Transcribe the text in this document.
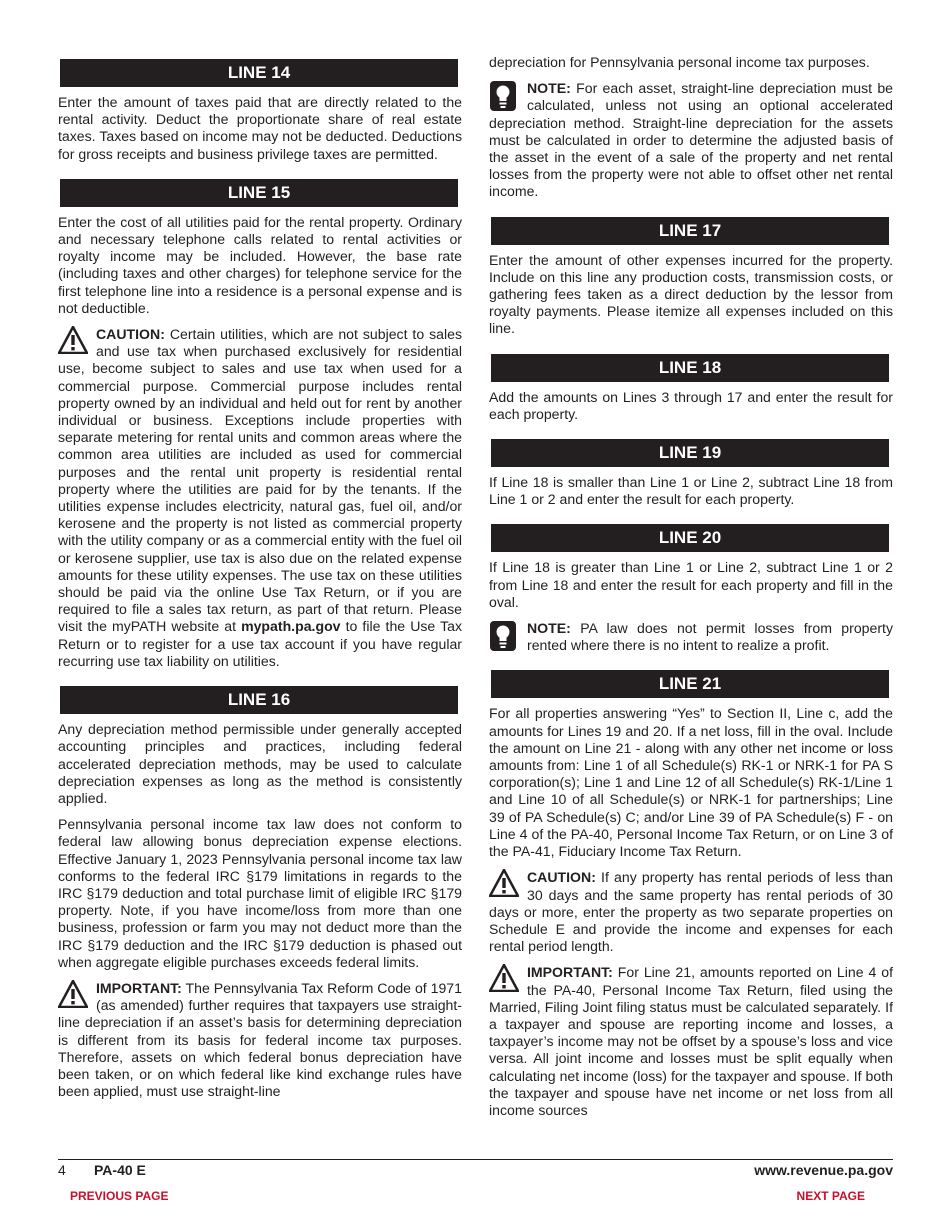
LINE 14

Enter the amount of taxes paid that are directly related to the rental activity. Deduct the proportionate share of real estate taxes. Taxes based on income may not be deducted. Deductions for gross receipts and business privilege taxes are permitted.

LINE 15

Enter the cost of all utilities paid for the rental property. Ordinary and necessary telephone calls related to rental activities or royalty income may be included. However, the base rate (including taxes and other charges) for telephone service for the first telephone line into a residence is a personal expense and is not deductible.

CAUTION: Certain utilities, which are not subject to sales and use tax when purchased exclusively for residential use, become subject to sales and use tax when used for a commercial purpose. Commercial purpose includes rental property owned by an individual and held out for rent by another individual or business. Exceptions include properties with separate metering for rental units and common areas where the common area utilities are included as used for commercial purposes and the rental unit property is residential rental property where the utilities are paid for by the tenants. If the utilities expense includes electricity, natural gas, fuel oil, and/or kerosene and the property is not listed as commercial property with the utility company or as a commercial entity with the fuel oil or kerosene supplier, use tax is also due on the related expense amounts for these utility expenses. The use tax on these utilities should be paid via the online Use Tax Return, or if you are required to file a sales tax return, as part of that return. Please visit the myPATH website at mypath.pa.gov to file the Use Tax Return or to register for a use tax account if you have regular recurring use tax liability on utilities.

LINE 16

Any depreciation method permissible under generally accepted accounting principles and practices, including federal accelerated depreciation methods, may be used to calculate depreciation expenses as long as the method is consistently applied.

Pennsylvania personal income tax law does not conform to federal law allowing bonus depreciation expense elections. Effective January 1, 2023 Pennsylvania personal income tax law conforms to the federal IRC §179 limitations in regards to the IRC §179 deduction and total purchase limit of eligible IRC §179 property. Note, if you have income/loss from more than one business, profession or farm you may not deduct more than the IRC §179 deduction and the IRC §179 deduction is phased out when aggregate eligible purchases exceeds federal limits.

IMPORTANT: The Pennsylvania Tax Reform Code of 1971 (as amended) further requires that taxpayers use straight-line depreciation if an asset’s basis for determining depreciation is different from its basis for federal income tax purposes. Therefore, assets on which federal bonus depreciation have been taken, or on which federal like kind exchange rules have been applied, must use straight-line

depreciation for Pennsylvania personal income tax purposes.

NOTE: For each asset, straight-line depreciation must be calculated, unless not using an optional accelerated depreciation method. Straight-line depreciation for the assets must be calculated in order to determine the adjusted basis of the asset in the event of a sale of the property and net rental losses from the property were not able to offset other net rental income.

LINE 17

Enter the amount of other expenses incurred for the property. Include on this line any production costs, transmission costs, or gathering fees taken as a direct deduction by the lessor from royalty payments. Please itemize all expenses included on this line.

LINE 18

Add the amounts on Lines 3 through 17 and enter the result for each property.

LINE 19

If Line 18 is smaller than Line 1 or Line 2, subtract Line 18 from Line 1 or 2 and enter the result for each property.

LINE 20

If Line 18 is greater than Line 1 or Line 2, subtract Line 1 or 2 from Line 18 and enter the result for each property and fill in the oval.

NOTE: PA law does not permit losses from property rented where there is no intent to realize a profit.

LINE 21

For all properties answering “Yes” to Section II, Line c, add the amounts for Lines 19 and 20. If a net loss, fill in the oval. Include the amount on Line 21 - along with any other net income or loss amounts from: Line 1 of all Schedule(s) RK-1 or NRK-1 for PA S corporation(s); Line 1 and Line 12 of all Schedule(s) RK-1/Line 1 and Line 10 of all Schedule(s) or NRK-1 for partnerships; Line 39 of PA Schedule(s) C; and/or Line 39 of PA Schedule(s) F - on Line 4 of the PA-40, Personal Income Tax Return, or on Line 3 of the PA-41, Fiduciary Income Tax Return.

CAUTION: If any property has rental periods of less than 30 days and the same property has rental periods of 30 days or more, enter the property as two separate properties on Schedule E and provide the income and expenses for each rental period length.

IMPORTANT: For Line 21, amounts reported on Line 4 of the PA-40, Personal Income Tax Return, filed using the Married, Filing Joint filing status must be calculated separately. If a taxpayer and spouse are reporting income and losses, a taxpayer’s income may not be offset by a spouse’s loss and vice versa. All joint income and losses must be split equally when calculating net income (loss) for the taxpayer and spouse. If both the taxpayer and spouse have net income or net loss from all income sources

4 PA-40 E	www.revenue.pa.gov
PREVIOUS PAGE	NEXT PAGE
